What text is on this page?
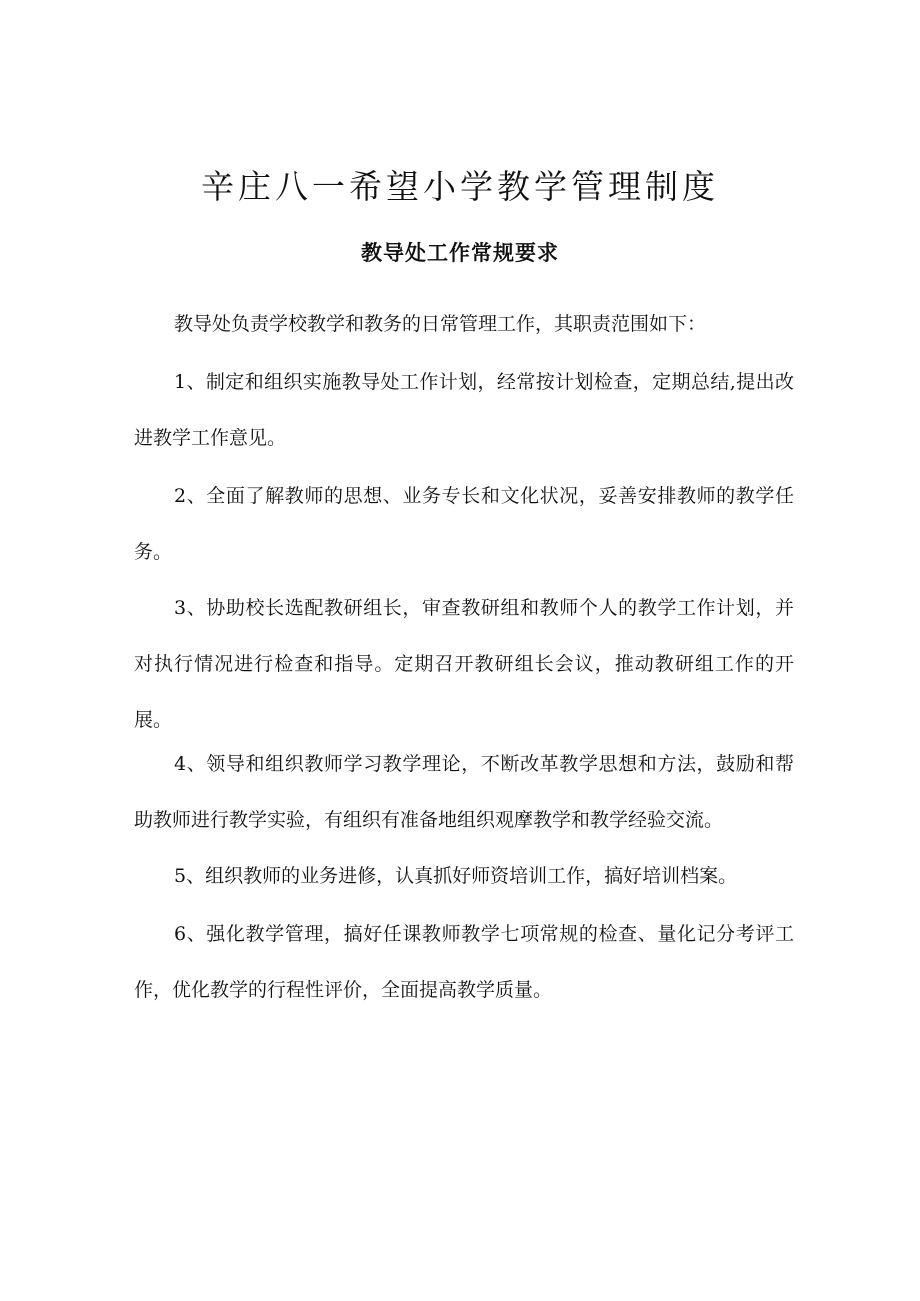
辛庄八一希望小学教学管理制度
教导处工作常规要求

教导处负责学校教学和教务的日常管理工作，其职责范围如下：

1、制定和组织实施教导处工作计划，经常按计划检查，定期总结,提出改进教学工作意见。

2、全面了解教师的思想、业务专长和文化状况，妥善安排教师的教学任务。

3、协助校长选配教研组长，审查教研组和教师个人的教学工作计划，并对执行情况进行检查和指导。定期召开教研组长会议，推动教研组工作的开展。

4、领导和组织教师学习教学理论，不断改革教学思想和方法，鼓励和帮助教师进行教学实验，有组织有准备地组织观摩教学和教学经验交流。

5、组织教师的业务进修，认真抓好师资培训工作，搞好培训档案。

6、强化教学管理，搞好任课教师教学七项常规的检查、量化记分考评工作，优化教学的行程性评价，全面提高教学质量。
